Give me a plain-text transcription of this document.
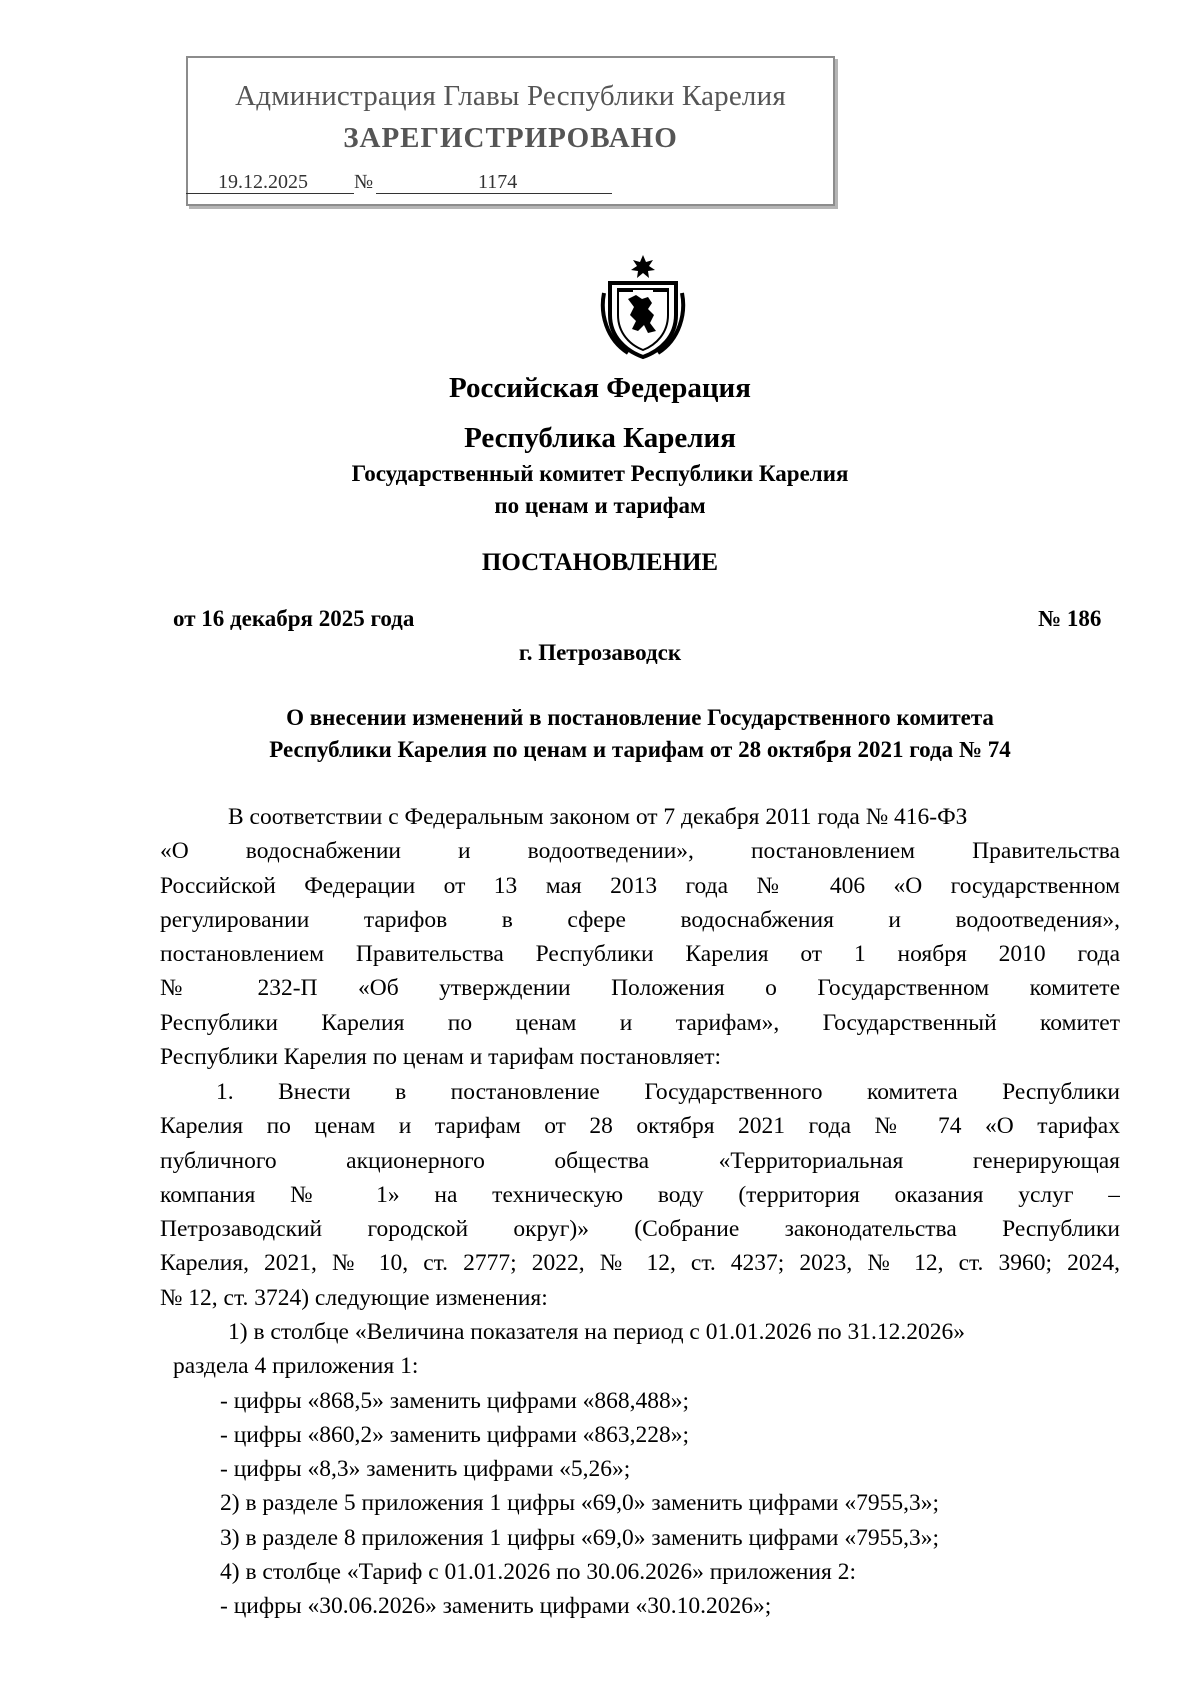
Администрация Главы Республики Карелия
ЗАРЕГИСТРИРОВАНО
19.12.2025 №	1174
Российская Федерация
Республика Карелия
Государственный комитет Республики Карелия
по ценам и тарифам
ПОСТАНОВЛЕНИЕ
от 16 декабря 2025 года	№ 186
г. Петрозаводск
О внесении изменений в постановление Государственного комитета
Республики Карелия по ценам и тарифам от 28 октября 2021 года № 74
В соответствии с Федеральным законом от 7 декабря 2011 года № 416-ФЗ
«О водоснабжении и водоотведении», постановлением Правительства
Российской Федерации от 13 мая 2013 года № 406 «О государственном
регулировании тарифов в сфере водоснабжения и водоотведения»,
постановлением Правительства Республики Карелия от 1 ноября 2010 года
№ 232-П «Об утверждении Положения о Государственном комитете
Республики Карелия по ценам и тарифам», Государственный комитет
Республики Карелия по ценам и тарифам постановляет:
1. Внести в постановление Государственного комитета Республики
Карелия по ценам и тарифам от 28 октября 2021 года № 74 «О тарифах
публичного акционерного общества «Территориальная генерирующая
компания № 1» на техническую воду (территория оказания услуг –
Петрозаводский городской округ)» (Собрание законодательства Республики
Карелия, 2021, № 10, ст. 2777; 2022, № 12, ст. 4237; 2023, № 12, ст. 3960; 2024,
№ 12, ст. 3724) следующие изменения:
1) в столбце «Величина показателя на период с 01.01.2026 по 31.12.2026»
раздела 4 приложения 1:
- цифры «868,5» заменить цифрами «868,488»;
- цифры «860,2» заменить цифрами «863,228»;
- цифры «8,3» заменить цифрами «5,26»;
2) в разделе 5 приложения 1 цифры «69,0» заменить цифрами «7955,3»;
3) в разделе 8 приложения 1 цифры «69,0» заменить цифрами «7955,3»;
4) в столбце «Тариф с 01.01.2026 по 30.06.2026» приложения 2:
- цифры «30.06.2026» заменить цифрами «30.10.2026»;
